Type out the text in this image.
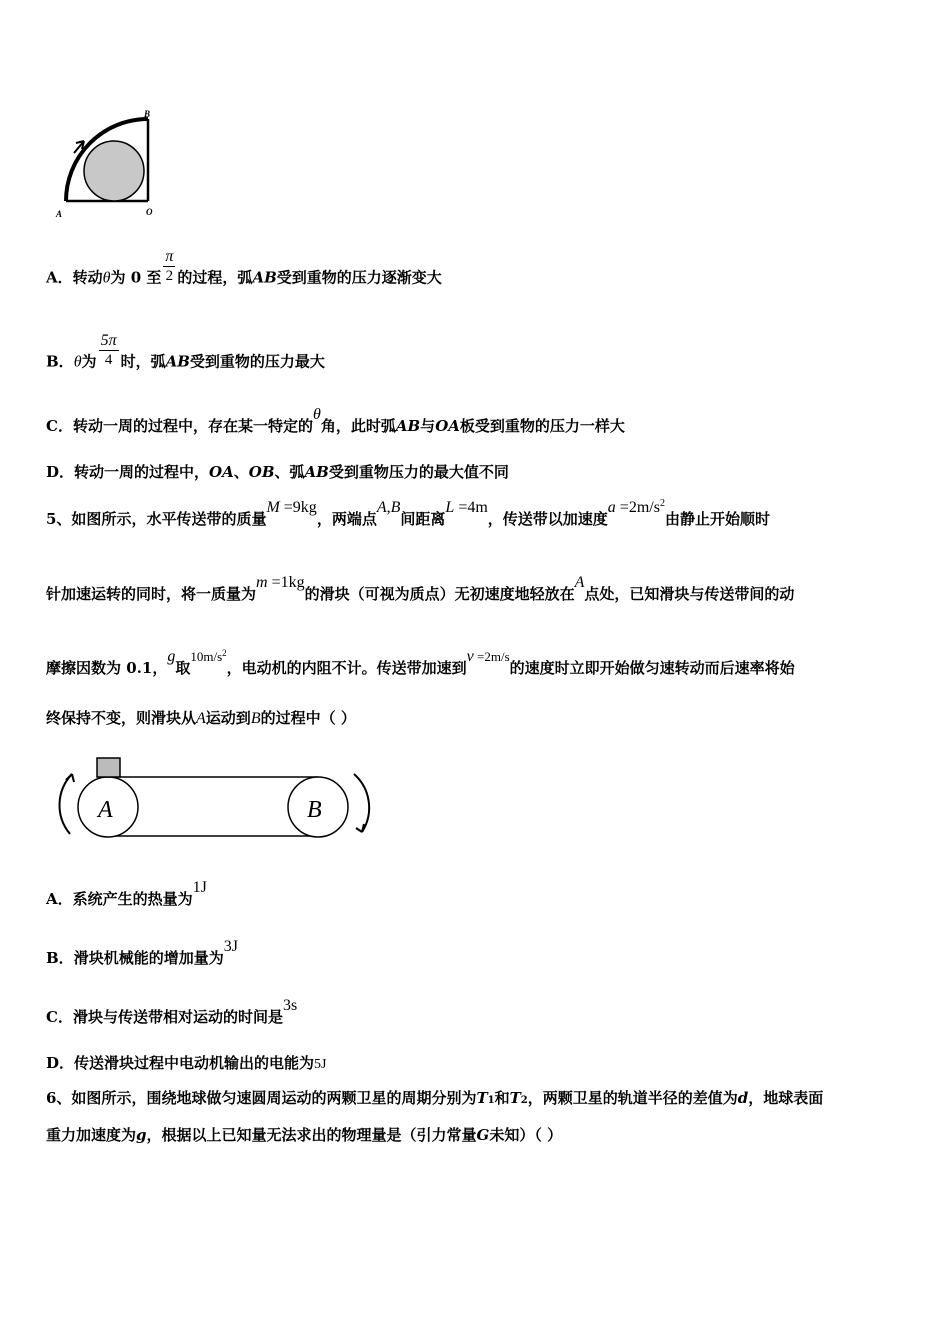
B
A	O
A．转动θ为 0 至 $\frac{\pi}{2}$ 的过程，弧AB受到重物的压力逐渐变大
B．θ为 $\frac{5\pi}{4}$ 时，弧AB受到重物的压力最大
C．转动一周的过程中，存在某一特定的θ角，此时弧AB与OA板受到重物的压力一样大
D．转动一周的过程中，OA、OB、弧AB受到重物压力的最大值不同
5、如图所示，水平传送带的质量M =9kg，两端点A,B间距离L =4m，传送带以加速度$a =2m/s^2$由静止开始顺时
针加速运转的同时，将一质量为m =1kg的滑块（可视为质点）无初速度地轻放在A点处，已知滑块与传送带间的动
摩擦因数为 0.1，g取$10m/s^2$，电动机的内阻不计。传送带加速到v =2m/s的速度时立即开始做匀速转动而后速率将始
终保持不变，则滑块从A运动到B的过程中（ ）
A	B
A．系统产生的热量为1J
B．滑块机械能的增加量为3J
C．滑块与传送带相对运动的时间是3s
D．传送滑块过程中电动机输出的电能为5J
6、如图所示，围绕地球做匀速圆周运动的两颗卫星的周期分别为T1和T2，两颗卫星的轨道半径的差值为d，地球表面
重力加速度为g，根据以上已知量无法求出的物理量是（引力常量G未知）（ ）
